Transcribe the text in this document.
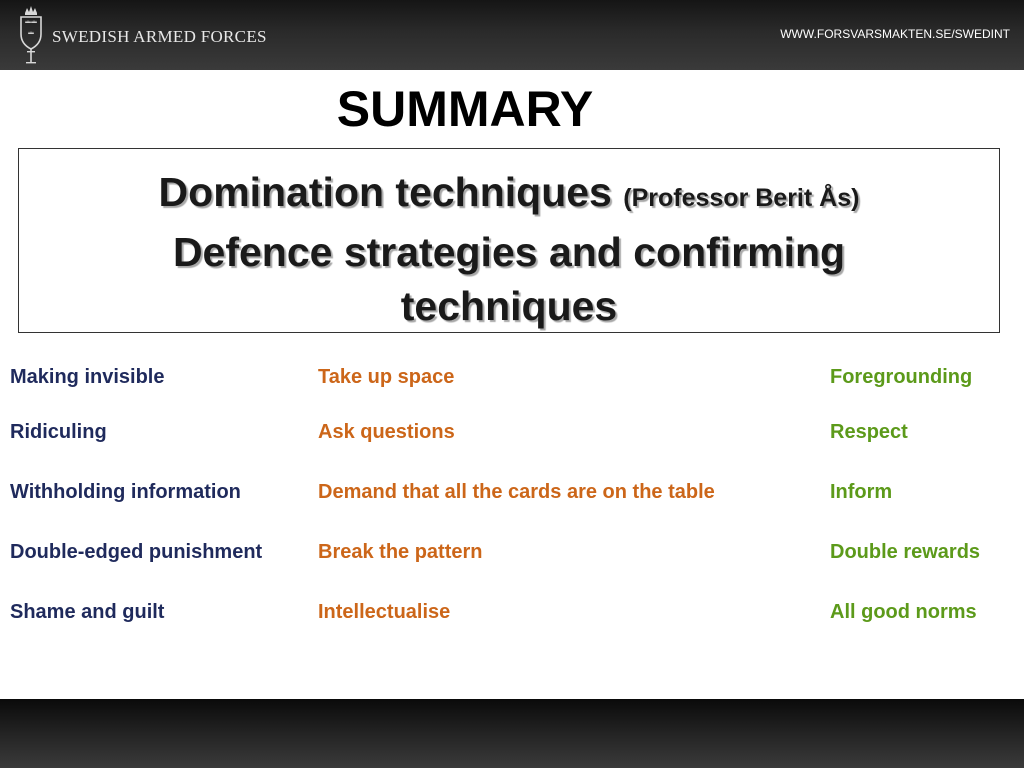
SWEDISH ARMED FORCES	WWW.FORSVARSMAKTEN.SE/SWEDINT
SUMMARY
Domination techniques (Professor Berit Ås)
Defence strategies and confirming
techniques
Making invisible	Take up space	Foregrounding
Ridiculing	Ask questions	Respect
Withholding information	Demand that all the cards are on the table	Inform
Double-edged punishment	Break the pattern	Double rewards
Shame and guilt	Intellectualise	All good norms
